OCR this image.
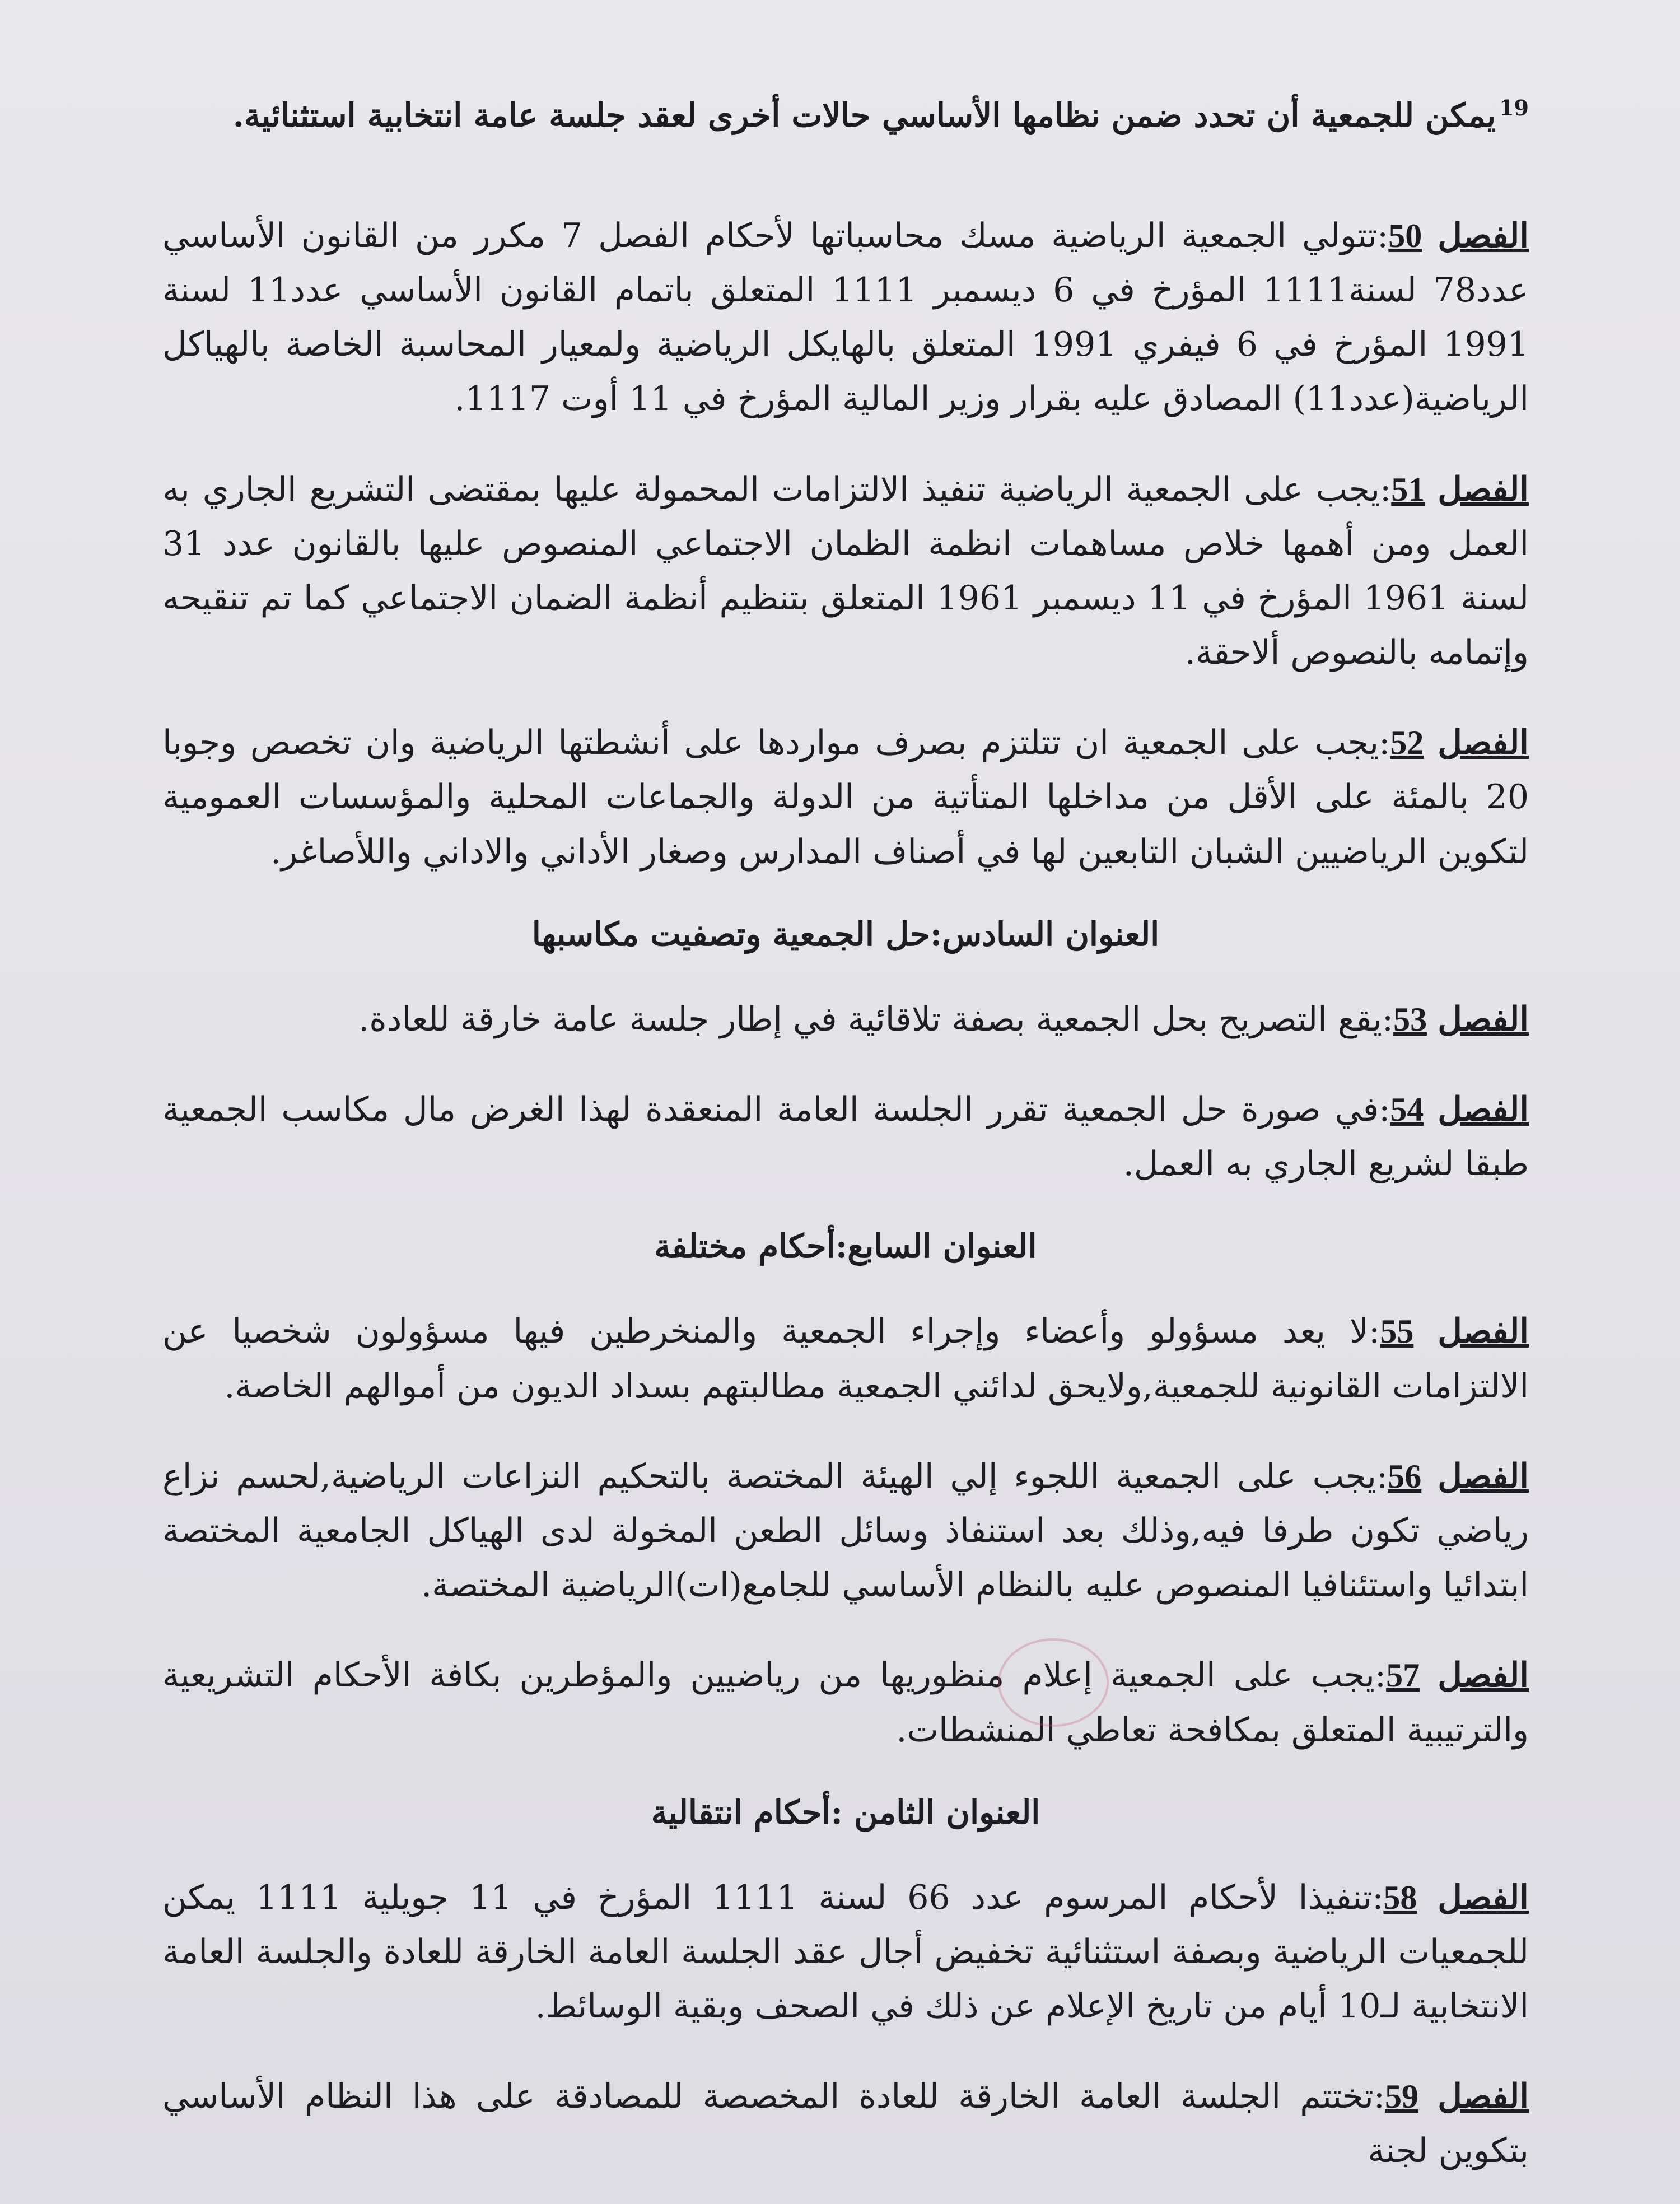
$^{19}$يمكن للجمعية أن تحدد ضمن نظامها الأساسي حالات أخرى لعقد جلسة عامة انتخابية استثنائية.

الفصل 50:تتولي الجمعية الرياضية مسك محاسباتها لأحكام الفصل 7 مكرر من القانون الأساسي عدد78 لسنة1111 المؤرخ في 6 ديسمبر 1111 المتعلق باتمام القانون الأساسي عدد11 لسنة 1991 المؤرخ في 6 فيفري 1991 المتعلق بالهايكل الرياضية ولمعيار المحاسبة الخاصة بالهياكل الرياضية(عدد11) المصادق عليه بقرار وزير المالية المؤرخ في 11 أوت 1117.

الفصل 51:يجب على الجمعية الرياضية تنفيذ الالتزامات المحمولة عليها بمقتضى التشريع الجاري به العمل ومن أهمها خلاص مساهمات انظمة الظمان الاجتماعي المنصوص عليها بالقانون عدد 31 لسنة 1961 المؤرخ في 11 ديسمبر 1961 المتعلق بتنظيم أنظمة الضمان الاجتماعي كما تم تنقيحه وإتمامه بالنصوص ألاحقة.

الفصل 52:يجب على الجمعية ان تتلتزم بصرف مواردها على أنشطتها الرياضية وان تخصص وجوبا 20 بالمئة على الأقل من مداخلها المتأتية من الدولة والجماعات المحلية والمؤسسات العمومية لتكوين الرياضيين الشبان التابعين لها في أصناف المدارس وصغار الأداني والاداني واللأصاغر.

العنوان السادس:حل الجمعية وتصفيت مكاسبها

الفصل 53:يقع التصريح بحل الجمعية بصفة تلاقائية في إطار جلسة عامة خارقة للعادة.

الفصل 54:في صورة حل الجمعية تقرر الجلسة العامة المنعقدة لهذا الغرض مال مكاسب الجمعية طبقا لشريع الجاري به العمل.

العنوان السابع:أحكام مختلفة

الفصل 55:لا يعد مسؤولو وأعضاء وإجراء الجمعية والمنخرطين فيها مسؤولون شخصيا عن الالتزامات القانونية للجمعية,ولايحق لدائني الجمعية مطالبتهم بسداد الديون من أموالهم الخاصة.

الفصل 56:يجب على الجمعية اللجوء إلي الهيئة المختصة بالتحكيم النزاعات الرياضية,لحسم نزاع رياضي تكون طرفا فيه,وذلك بعد استنفاذ وسائل الطعن المخولة لدى الهياكل الجامعية المختصة ابتدائيا واستئنافيا المنصوص عليه بالنظام الأساسي للجامع(ات)الرياضية المختصة.

الفصل 57:يجب على الجمعية إعلام منظوريها من رياضيين والمؤطرين بكافة الأحكام التشريعية والترتيبية المتعلق بمكافحة تعاطي المنشطات.

العنوان الثامن :أحكام انتقالية

الفصل 58:تنفيذا لأحكام المرسوم عدد 66 لسنة 1111 المؤرخ في 11 جويلية 1111 يمكن للجمعيات الرياضية وبصفة استثنائية تخفيض أجال عقد الجلسة العامة الخارقة للعادة والجلسة العامة الانتخابية لـ10 أيام من تاريخ الإعلام عن ذلك في الصحف وبقية الوسائط.

الفصل 59:تختتم الجلسة العامة الخارقة للعادة المخصصة للمصادقة على هذا النظام الأساسي بتكوين لجنة
